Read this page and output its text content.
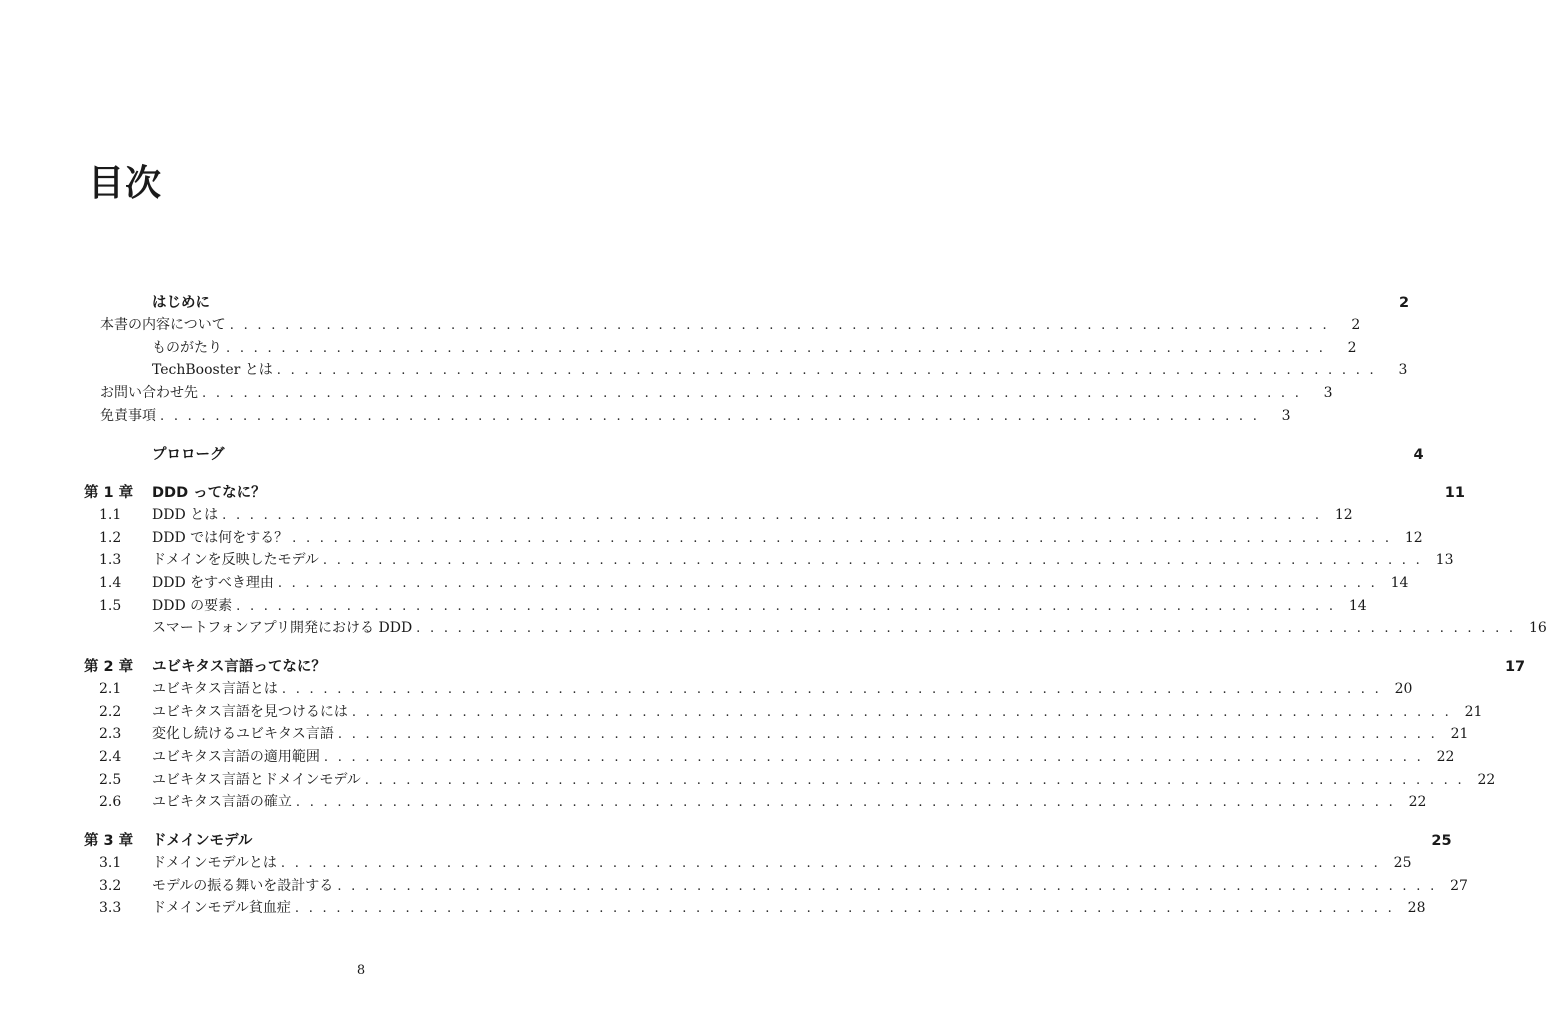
目次
はじめに	2
本書の内容について ................................................................................	2
ものがたり ................................................................................	2
TechBooster とは ................................................................................	3
お問い合わせ先 ................................................................................	3
免責事項 ................................................................................	3
プロローグ	4
第 1 章	DDD ってなに？	11
1.1	DDD とは ................................................................................ 12
1.2	DDD では何をする？ ................................................................................ 12
1.3	ドメインを反映したモデル ................................................................................ 13
1.4	DDD をすべき理由 ................................................................................ 14
1.5	DDD の要素 ................................................................................ 14
スマートフォンアプリ開発における DDD ................................................................................ 16
第 2 章	ユビキタス言語ってなに？	17
2.1	ユビキタス言語とは ................................................................................ 20
2.2	ユビキタス言語を見つけるには ................................................................................ 21
2.3	変化し続けるユビキタス言語 ................................................................................ 21
2.4	ユビキタス言語の適用範囲 ................................................................................ 22
2.5	ユビキタス言語とドメインモデル ................................................................................ 22
2.6	ユビキタス言語の確立 ................................................................................ 22
第 3 章	ドメインモデル	25
3.1	ドメインモデルとは ................................................................................ 25
3.2	モデルの振る舞いを設計する ................................................................................ 27
3.3	ドメインモデル貧血症 ................................................................................ 28
8
